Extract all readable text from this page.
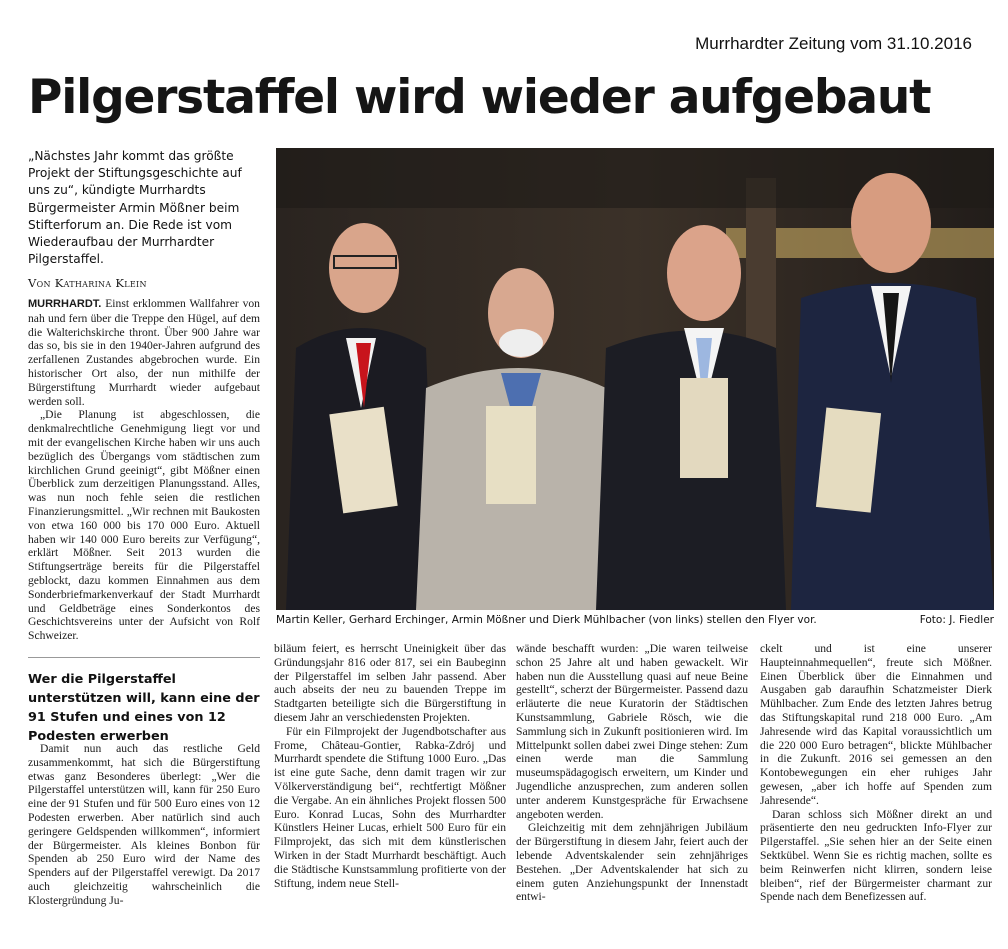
Murrhardter Zeitung vom 31.10.2016
Pilgerstaffel wird wieder aufgebaut
„Nächstes Jahr kommt das größte Projekt der Stiftungsgeschichte auf uns zu“, kündigte Murrhardts Bürgermeister Armin Mößner beim Stifterforum an. Die Rede ist vom Wiederaufbau der Murrhardter Pilgerstaffel.
Von Katharina Klein

MURRHARDT. Einst erklommen Wallfahrer von nah und fern über die Treppe den Hügel, auf dem die Walterichskirche thront. Über 900 Jahre war das so, bis sie in den 1940er-Jahren aufgrund des zerfallenen Zustandes abgebrochen wurde. Ein historischer Ort also, der nun mithilfe der Bürgerstiftung Murrhardt wieder aufgebaut werden soll.

„Die Planung ist abgeschlossen, die denkmalrechtliche Genehmigung liegt vor und mit der evangelischen Kirche haben wir uns auch bezüglich des Übergangs vom städtischen zum kirchlichen Grund geeinigt“, gibt Mößner einen Überblick zum derzeitigen Planungsstand. Alles, was nun noch fehle seien die restlichen Finanzierungsmittel. „Wir rechnen mit Baukosten von etwa 160 000 bis 170 000 Euro. Aktuell haben wir 140 000 Euro bereits zur Verfügung“, erklärt Mößner. Seit 2013 wurden die Stiftungserträge bereits für die Pilgerstaffel geblockt, dazu kommen Einnahmen aus dem Sonderbriefmarkenverkauf der Stadt Murrhardt und Geldbeträge eines Sonderkontos des Geschichtsvereins unter der Aufsicht von Rolf Schweizer.

Wer die Pilgerstaffel unterstützen will, kann eine der 91 Stufen und eines von 12 Podesten erwerben

Damit nun auch das restliche Geld zusammenkommt, hat sich die Bürgerstiftung etwas ganz Besonderes überlegt: „Wer die Pilgerstaffel unterstützen will, kann für 250 Euro eine der 91 Stufen und für 500 Euro eines von 12 Podesten erwerben. Aber natürlich sind auch geringere Geldspenden willkommen“, informiert der Bürgermeister. Als kleines Bonbon für Spenden ab 250 Euro wird der Name des Spenders auf der Pilgerstaffel verewigt. Da 2017 auch gleichzeitig wahrscheinlich die Klostergründung Ju-

Martin Keller, Gerhard Erchinger, Armin Mößner und Dierk Mühlbacher (von links) stellen den Flyer vor.	Foto: J. Fiedler

biläum feiert, es herrscht Uneinigkeit über das Gründungsjahr 816 oder 817, sei ein Baubeginn der Pilgerstaffel im selben Jahr passend. Aber auch abseits der neu zu bauenden Treppe im Stadtgarten beteiligte sich die Bürgerstiftung in diesem Jahr an verschiedensten Projekten.

Für ein Filmprojekt der Jugendbotschafter aus Frome, Château-Gontier, Rabka-Zdrój und Murrhardt spendete die Stiftung 1000 Euro. „Das ist eine gute Sache, denn damit tragen wir zur Völkerverständigung bei“, rechtfertigt Mößner die Vergabe. An ein ähnliches Projekt flossen 500 Euro. Konrad Lucas, Sohn des Murrhardter Künstlers Heiner Lucas, erhielt 500 Euro für ein Filmprojekt, das sich mit dem künstlerischen Wirken in der Stadt Murrhardt beschäftigt. Auch die Städtische Kunstsammlung profitierte von der Stiftung, indem neue Stell-

wände beschafft wurden: „Die waren teilweise schon 25 Jahre alt und haben gewackelt. Wir haben nun die Ausstellung quasi auf neue Beine gestellt“, scherzt der Bürgermeister. Passend dazu erläuterte die neue Kuratorin der Städtischen Kunstsammlung, Gabriele Rösch, wie die Sammlung sich in Zukunft positionieren wird. Im Mittelpunkt sollen dabei zwei Dinge stehen: Zum einen werde man die Sammlung museumspädagogisch erweitern, um Kinder und Jugendliche anzusprechen, zum anderen sollen unter anderem Kunstgespräche für Erwachsene angeboten werden.

Gleichzeitig mit dem zehnjährigen Jubiläum der Bürgerstiftung in diesem Jahr, feiert auch der lebende Adventskalender sein zehnjähriges Bestehen. „Der Adventskalender hat sich zu einem guten Anziehungspunkt der Innenstadt entwi-

ckelt und ist eine unserer Haupteinnahmequellen“, freute sich Mößner. Einen Überblick über die Einnahmen und Ausgaben gab daraufhin Schatzmeister Dierk Mühlbacher. Zum Ende des letzten Jahres betrug das Stiftungskapital rund 218 000 Euro. „Am Jahresende wird das Kapital voraussichtlich um die 220 000 Euro betragen“, blickte Mühlbacher in die Zukunft. 2016 sei gemessen an den Kontobewegungen ein eher ruhiges Jahr gewesen, „aber ich hoffe auf Spenden zum Jahresende“.

Daran schloss sich Mößner direkt an und präsentierte den neu gedruckten Info-Flyer zur Pilgerstaffel. „Sie sehen hier an der Seite einen Sektkübel. Wenn Sie es richtig machen, sollte es beim Reinwerfen nicht klirren, sondern leise bleiben“, rief der Bürgermeister charmant zur Spende nach dem Benefizessen auf.
